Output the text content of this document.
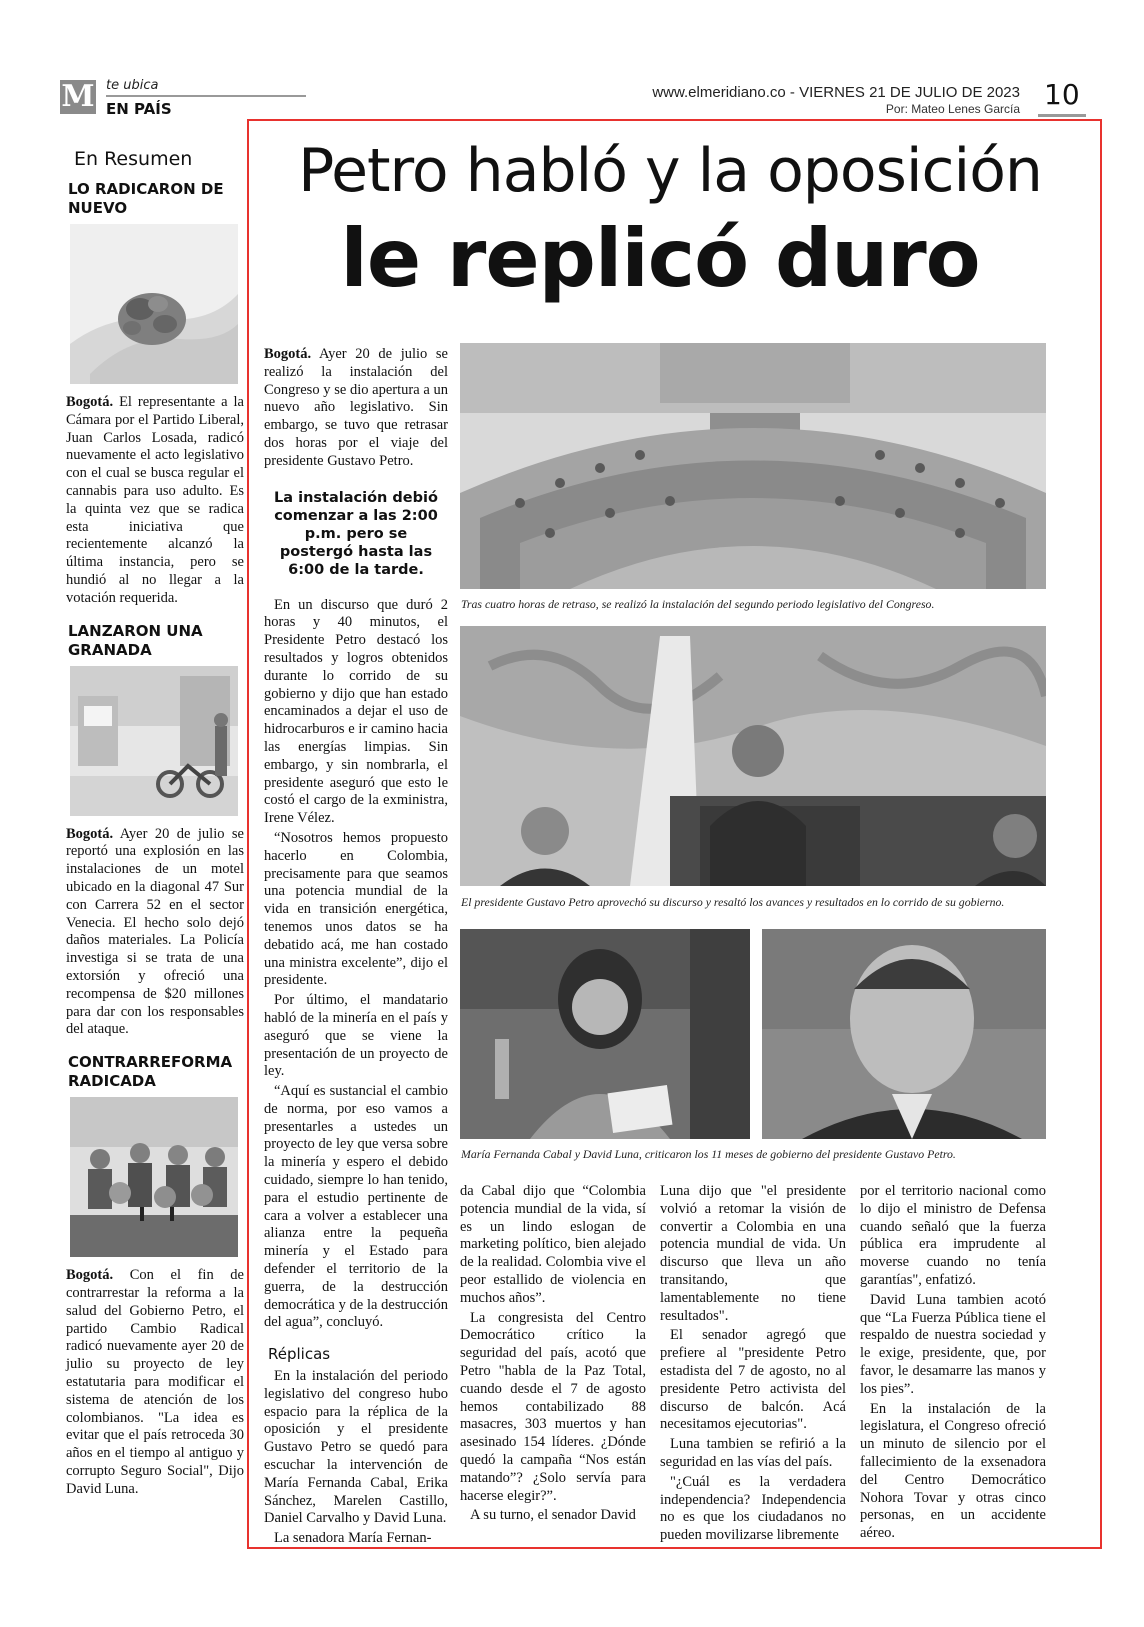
M te ubica
EN PAÍS
www.elmeridiano.co - VIERNES 21 DE JULIO DE 2023
Por: Mateo Lenes García 10
En Resumen
LO RADICARON DE NUEVO
Bogotá. El representante a la Cámara por el Partido Liberal, Juan Carlos Losada, radicó nuevamente el acto legislativo con el cual se busca regular el cannabis para uso adulto. Es la quinta vez que se radica esta iniciativa que recientemente alcanzó la última instancia, pero se hundió al no llegar a la votación requerida.
LANZARON UNA GRANADA
Bogotá. Ayer 20 de julio se reportó una explosión en las instalaciones de un motel ubicado en la diagonal 47 Sur con Carrera 52 en el sector Venecia. El hecho solo dejó daños materiales. La Policía investiga si se trata de una extorsión y ofreció una recompensa de $20 millones para dar con los responsables del ataque.
CONTRARREFORMA RADICADA
Bogotá. Con el fin de contrarrestar la reforma a la salud del Gobierno Petro, el partido Cambio Radical radicó nuevamente ayer 20 de julio su proyecto de ley estatutaria para modificar el sistema de atención de los colombianos. "La idea es evitar que el país retroceda 30 años en el tiempo al antiguo y corrupto Seguro Social", Dijo David Luna.
Petro habló y la oposición
le replicó duro

Bogotá. Ayer 20 de julio se realizó la instalación del Congreso y se dio apertura a un nuevo año legislativo. Sin embargo, se tuvo que retrasar dos horas por el viaje del presidente Gustavo Petro.

La instalación debió comenzar a las 2:00 p.m. pero se postergó hasta las 6:00 de la tarde.

En un discurso que duró 2 horas y 40 minutos, el Presidente Petro destacó los resultados y logros obtenidos durante lo corrido de su gobierno y dijo que han estado encaminados a dejar el uso de hidrocarburos e ir camino hacia las energías limpias. Sin embargo, y sin nombrarla, el presidente aseguró que esto le costó el cargo de la exministra, Irene Vélez.

“Nosotros hemos propuesto hacerlo en Colombia, precisamente para que seamos una potencia mundial de la vida en transición energética, tenemos unos datos se ha debatido acá, me han costado una ministra excelente”, dijo el presidente.

Por último, el mandatario habló de la minería en el país y aseguró que se viene la presentación de un proyecto de ley.

“Aquí es sustancial el cambio de norma, por eso vamos a presentarles a ustedes un proyecto de ley que versa sobre la minería y espero el debido cuidado, siempre lo han tenido, para el estudio pertinente de cara a volver a establecer una alianza entre la pequeña minería y el Estado para defender el territorio de la guerra, de la destrucción democrática y de la destrucción del agua”, concluyó.

Réplicas

En la instalación del periodo legislativo del congreso hubo espacio para la réplica de la oposición y el presidente Gustavo Petro se quedó para escuchar la intervención de María Fernanda Cabal, Erika Sánchez, Marelen Castillo, Daniel Carvalho y David Luna.

La senadora María Fernan-

Tras cuatro horas de retraso, se realizó la instalación del segundo periodo legislativo del Congreso.
El presidente Gustavo Petro aprovechó su discurso y resaltó los avances y resultados en lo corrido de su gobierno.
María Fernanda Cabal y David Luna, criticaron los 11 meses de gobierno del presidente Gustavo Petro.

da Cabal dijo que “Colombia potencia mundial de la vida, sí es un lindo eslogan de marketing político, bien alejado de la realidad. Colombia vive el peor estallido de violencia en muchos años”.

La congresista del Centro Democrático crítico la seguridad del país, acotó que Petro "habla de la Paz Total, cuando desde el 7 de agosto hemos contabilizado 88 masacres, 303 muertos y han asesinado 154 líderes. ¿Dónde quedó la campaña “Nos están matando”? ¿Solo servía para hacerse elegir?”.

A su turno, el senador David

Luna dijo que "el presidente volvió a retomar la visión de convertir a Colombia en una potencia mundial de vida. Un discurso que lleva un año transitando, que lamentablemente no tiene resultados".

El senador agregó que prefiere al "presidente Petro estadista del 7 de agosto, no al presidente Petro activista del discurso de balcón. Acá necesitamos ejecutorias".

Luna tambien se refirió a la seguridad en las vías del país.

"¿Cuál es la verdadera independencia? Independencia no es que los ciudadanos no pueden movilizarse libremente

por el territorio nacional como lo dijo el ministro de Defensa cuando señaló que la fuerza pública era imprudente al moverse cuando no tenía garantías", enfatizó.

David Luna tambien acotó que “La Fuerza Pública tiene el respaldo de nuestra sociedad y le exige, presidente, que, por favor, le desamarre las manos y los pies”.

En la instalación de la legislatura, el Congreso ofreció un minuto de silencio por el fallecimiento de la exsenadora del Centro Democrático Nohora Tovar y otras cinco personas, en un accidente aéreo.
